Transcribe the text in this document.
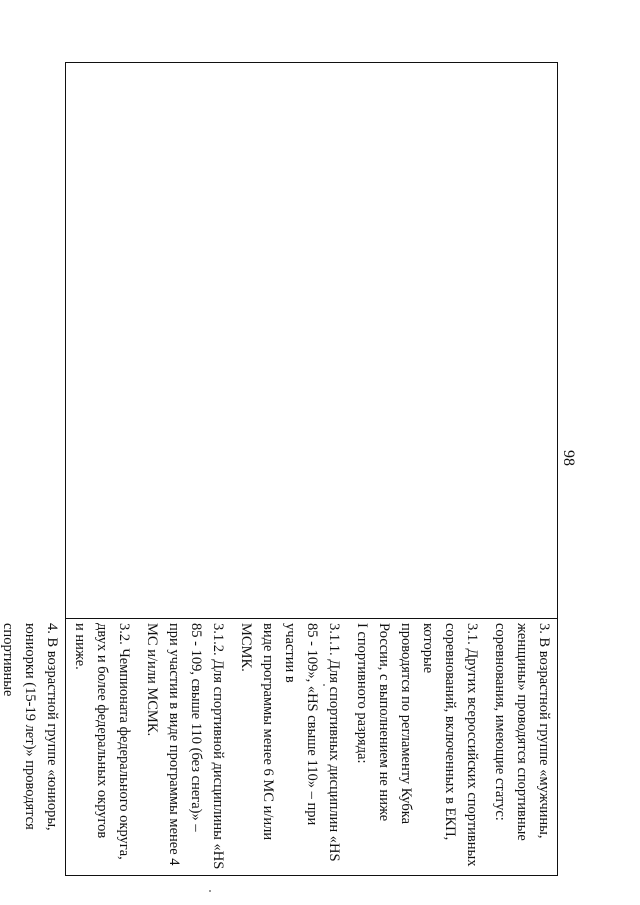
98

3. В возрастной группе «мужчины, женщины» проводятся спортивные

соревнования, имеющие статус:

3.1. Других всероссийских спортивных соревнований, включенных в ЕКП, которые

проводятся по регламенту Кубка России, с выполнением не ниже

I спортивного разряда:

3.1.1. Для спортивных дисциплин «HS 85 - 109», «HS свыше 110» – при участии в

виде программы менее 6 МС и/или МСМК.

3.1.2. Для спортивной дисциплины «HS 85 - 109, свыше 110 (без снега)» –

при участии в виде программы менее 4 МС и/или МСМК.

3.2. Чемпионата федерального округа, двух и более федеральных округов

и ниже.

4. В возрастной группе «юниоры, юниорки (15-19 лет)» проводятся спортивные
